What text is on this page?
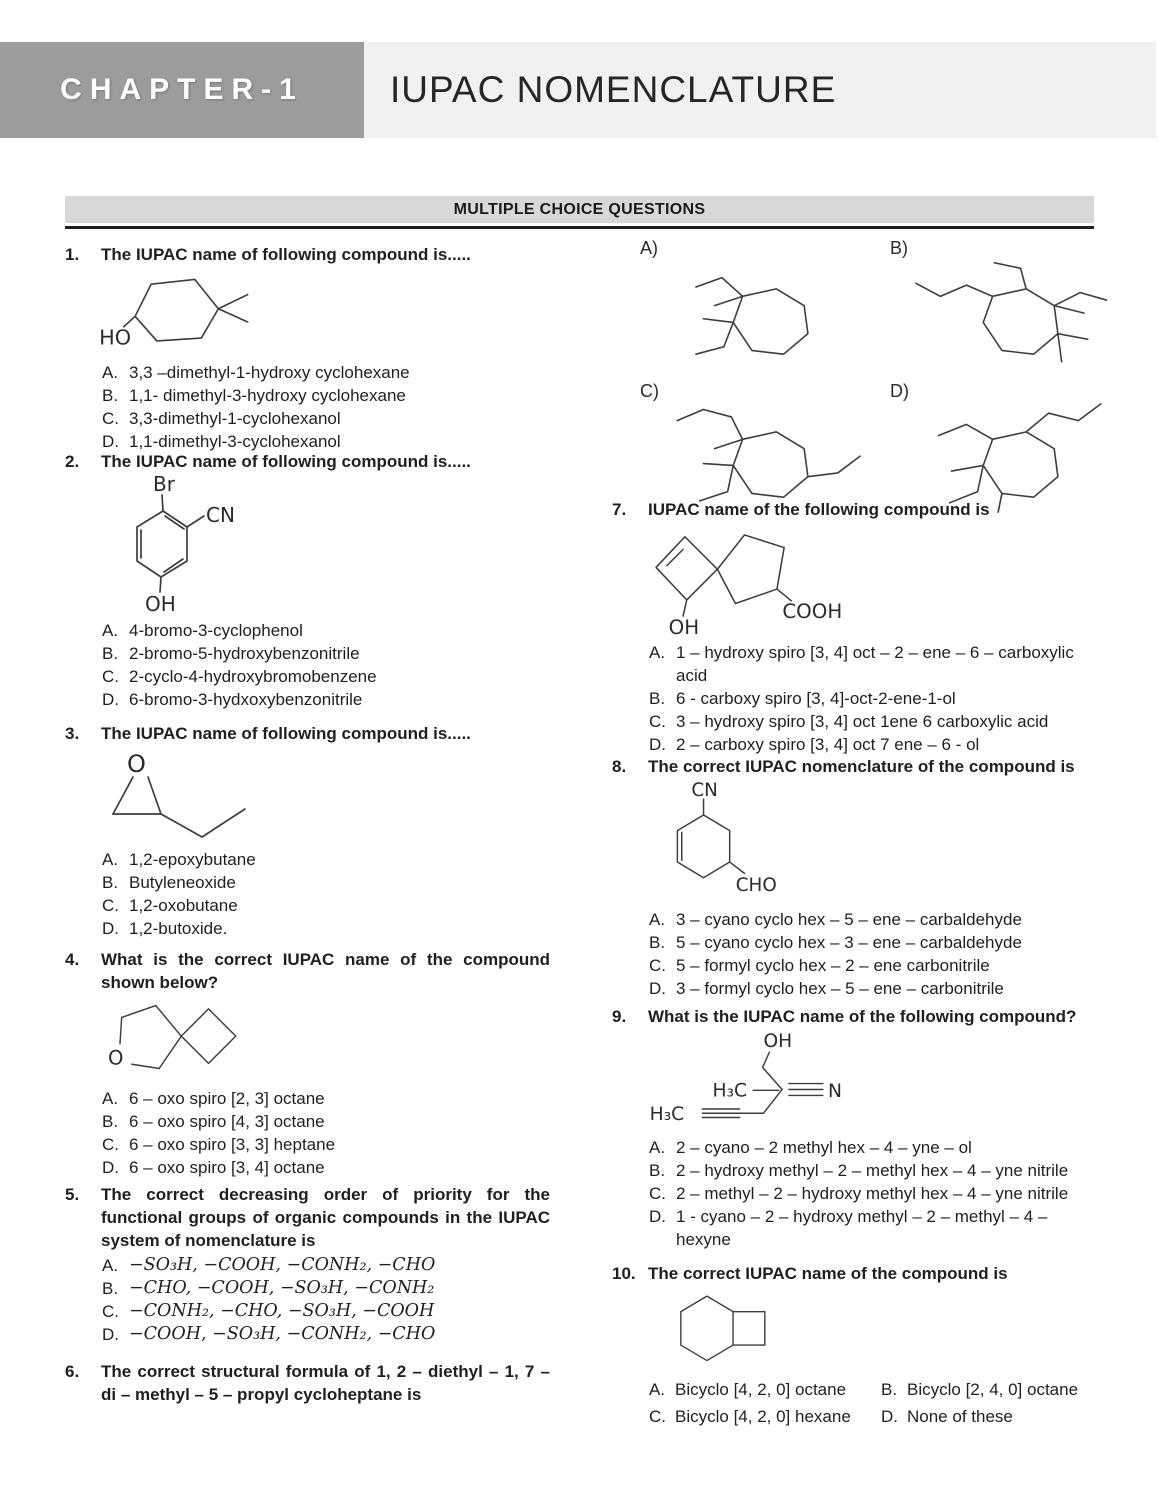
CHAPTER-1	IUPAC NOMENCLATURE
MULTIPLE CHOICE QUESTIONS
1.	The IUPAC name of following compound is.....
HO
A. 3,3 –dimethyl-1-hydroxy cyclohexane
B. 1,1- dimethyl-3-hydroxy cyclohexane
C. 3,3-dimethyl-1-cyclohexanol
D. 1,1-dimethyl-3-cyclohexanol
2.	The IUPAC name of following compound is.....
Br
CN
OH
A. 4-bromo-3-cyclophenol
B. 2-bromo-5-hydroxybenzonitrile
C. 2-cyclo-4-hydroxybromobenzene
D. 6-bromo-3-hydxoxybenzonitrile
3.	The IUPAC name of following compound is.....
O
A. 1,2-epoxybutane
B. Butyleneoxide
C. 1,2-oxobutane
D. 1,2-butoxide.
4.	What is the correct IUPAC name of the compound shown below?
O
A. 6 – oxo spiro [2, 3] octane
B. 6 – oxo spiro [4, 3] octane
C. 6 – oxo spiro [3, 3] heptane
D. 6 – oxo spiro [3, 4] octane
5.	The correct decreasing order of priority for the functional groups of organic compounds in the IUPAC system of nomenclature is
A. −SO₃H, −COOH, −CONH₂, −CHO
B. −CHO, −COOH, −SO₃H, −CONH₂
C. −CONH₂, −CHO, −SO₃H, −COOH
D. −COOH, −SO₃H, −CONH₂, −CHO
6.	The correct structural formula of 1, 2 – diethyl – 1, 7 – di – methyl – 5 – propyl cycloheptane is
A)	B)
C)	D)
7.	IUPAC name of the following compound is
OH
COOH
A. 1 – hydroxy spiro [3, 4] oct – 2 – ene – 6 – carboxylic acid
B. 6 - carboxy spiro [3, 4]-oct-2-ene-1-ol
C. 3 – hydroxy spiro [3, 4] oct 1ene 6 carboxylic acid
D. 2 – carboxy spiro [3, 4] oct 7 ene – 6 - ol
8.	The correct IUPAC nomenclature of the compound is
CN
CHO
A. 3 – cyano cyclo hex – 5 – ene – carbaldehyde
B. 5 – cyano cyclo hex – 3 – ene – carbaldehyde
C. 5 – formyl cyclo hex – 2 – ene carbonitrile
D. 3 – formyl cyclo hex – 5 – ene – carbonitrile
9.	What is the IUPAC name of the following compound?
OH
H₃C	N
H₃C
A. 2 – cyano – 2 methyl hex – 4 – yne – ol
B. 2 – hydroxy methyl – 2 – methyl hex – 4 – yne nitrile
C. 2 – methyl – 2 – hydroxy methyl hex – 4 – yne nitrile
D. 1 - cyano – 2 – hydroxy methyl – 2 – methyl – 4 – hexyne
10. The correct IUPAC name of the compound is
A. Bicyclo [4, 2, 0] octane	B. Bicyclo [2, 4, 0] octane
C. Bicyclo [4, 2, 0] hexane	D. None of these
